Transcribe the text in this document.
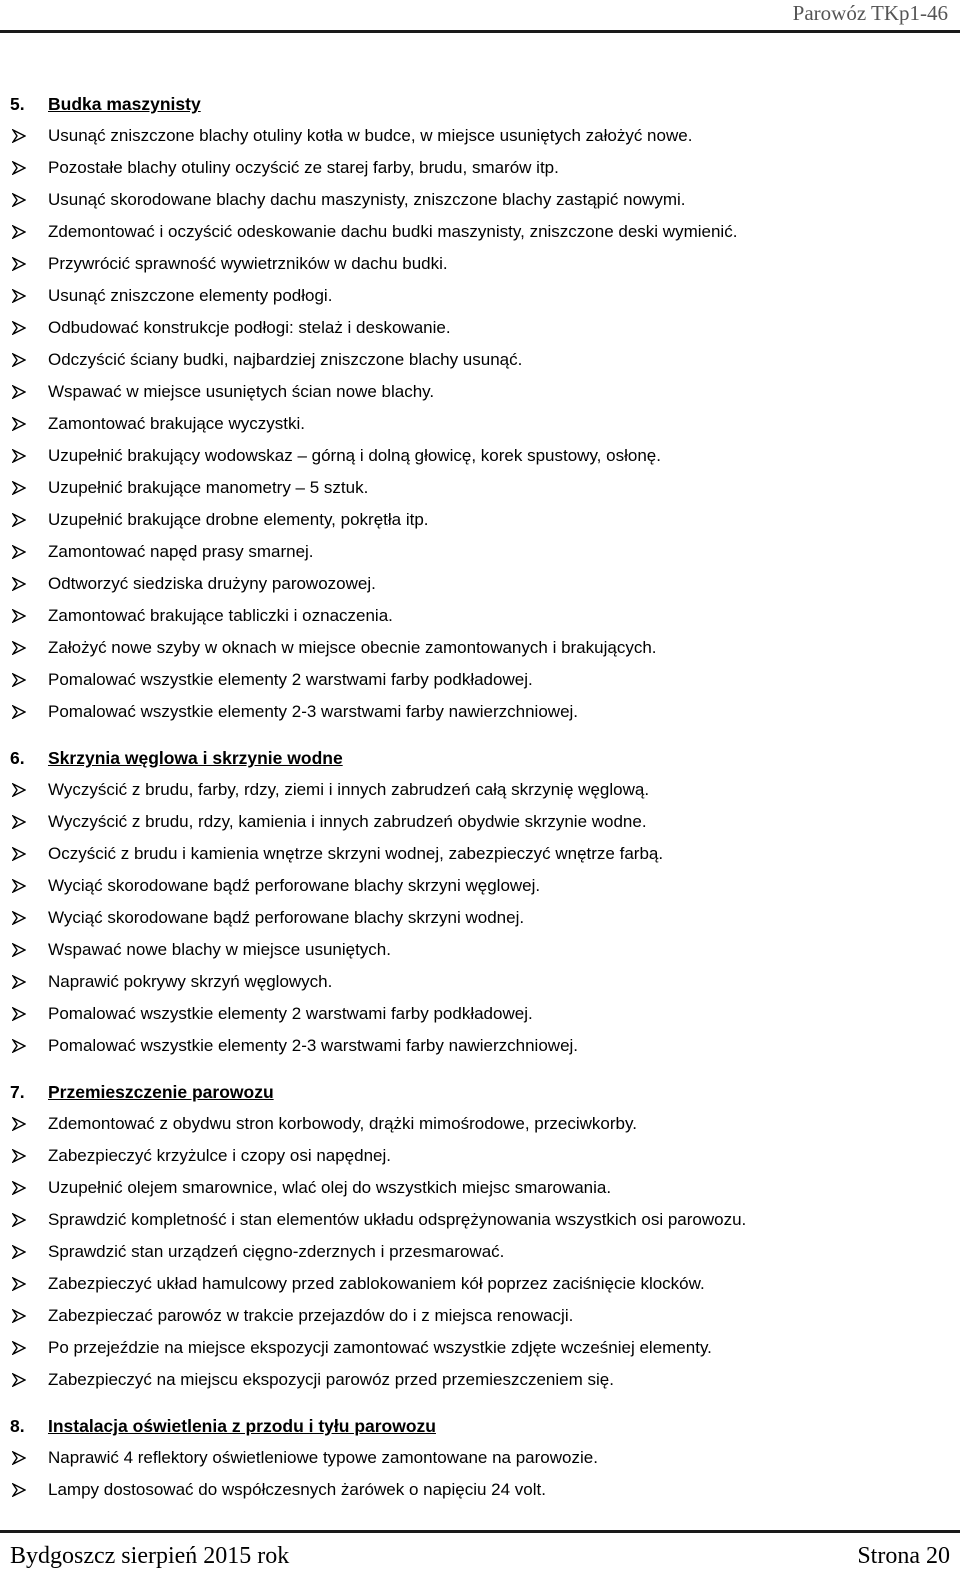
Parowóz TKp1-46
5.	Budka maszynisty
Usunąć zniszczone blachy otuliny kotła w budce, w miejsce usuniętych założyć nowe.
Pozostałe blachy otuliny oczyścić ze starej farby, brudu, smarów itp.
Usunąć skorodowane blachy dachu maszynisty, zniszczone blachy zastąpić nowymi.
Zdemontować i oczyścić odeskowanie dachu budki maszynisty, zniszczone deski wymienić.
Przywrócić sprawność wywietrzników w dachu budki.
Usunąć zniszczone elementy podłogi.
Odbudować konstrukcje podłogi: stelaż i deskowanie.
Odczyścić ściany budki, najbardziej zniszczone blachy usunąć.
Wspawać w miejsce usuniętych ścian nowe blachy.
Zamontować brakujące wyczystki.
Uzupełnić brakujący wodowskaz – górną i dolną głowicę, korek spustowy, osłonę.
Uzupełnić brakujące manometry – 5 sztuk.
Uzupełnić brakujące drobne elementy, pokrętła itp.
Zamontować napęd prasy smarnej.
Odtworzyć siedziska drużyny parowozowej.
Zamontować brakujące tabliczki i oznaczenia.
Założyć nowe szyby w oknach w miejsce obecnie zamontowanych i brakujących.
Pomalować wszystkie elementy 2 warstwami farby podkładowej.
Pomalować wszystkie elementy 2-3 warstwami farby nawierzchniowej.
6.	Skrzynia węglowa i skrzynie wodne
Wyczyścić z brudu, farby, rdzy, ziemi i innych zabrudzeń całą skrzynię węglową.
Wyczyścić z brudu, rdzy, kamienia i innych zabrudzeń obydwie skrzynie wodne.
Oczyścić z brudu i kamienia wnętrze skrzyni wodnej, zabezpieczyć wnętrze farbą.
Wyciąć skorodowane bądź perforowane blachy skrzyni węglowej.
Wyciąć skorodowane bądź perforowane blachy skrzyni wodnej.
Wspawać nowe blachy w miejsce usuniętych.
Naprawić pokrywy skrzyń węglowych.
Pomalować wszystkie elementy 2 warstwami farby podkładowej.
Pomalować wszystkie elementy 2-3 warstwami farby nawierzchniowej.
7.	Przemieszczenie parowozu
Zdemontować z obydwu stron korbowody, drążki mimośrodowe, przeciwkorby.
Zabezpieczyć krzyżulce i czopy osi napędnej.
Uzupełnić olejem smarownice, wlać olej do wszystkich miejsc smarowania.
Sprawdzić kompletność i stan elementów układu odsprężynowania wszystkich osi parowozu.
Sprawdzić stan urządzeń cięgno-zderznych i przesmarować.
Zabezpieczyć układ hamulcowy przed zablokowaniem kół poprzez zaciśnięcie klocków.
Zabezpieczać parowóz w trakcie przejazdów do i z miejsca renowacji.
Po przejeździe na miejsce ekspozycji zamontować wszystkie zdjęte wcześniej elementy.
Zabezpieczyć na miejscu ekspozycji parowóz przed przemieszczeniem się.
8.	Instalacja oświetlenia z przodu i tyłu parowozu
Naprawić 4 reflektory oświetleniowe typowe zamontowane na parowozie.
Lampy dostosować do współczesnych żarówek o napięciu 24 volt.
Bydgoszcz sierpień 2015 rok	Strona 20
